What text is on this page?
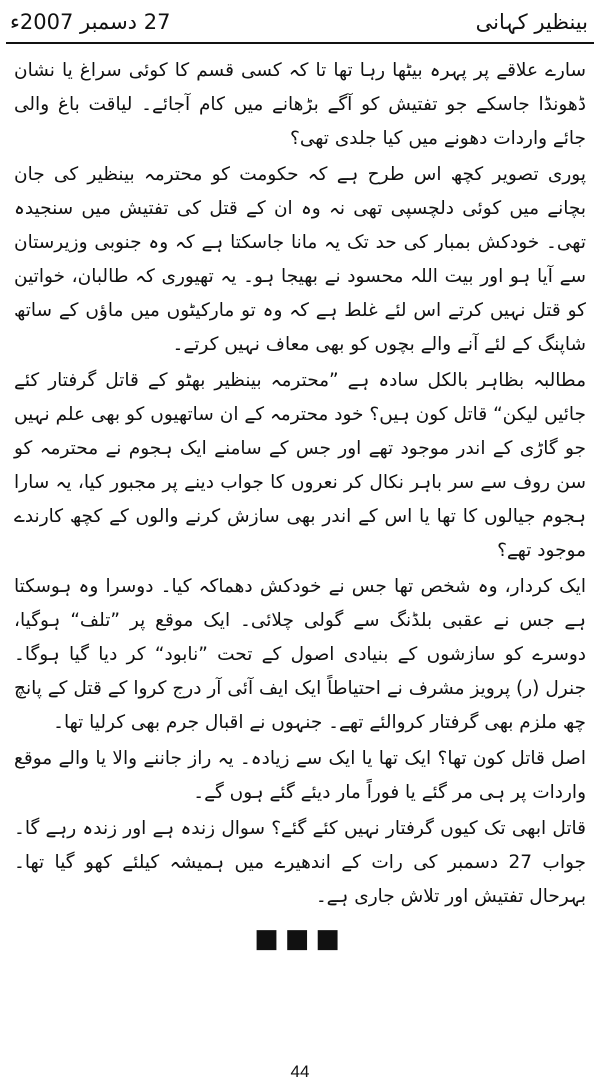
27 دسمبر 2007ء	بینظیر کہانی

سارے علاقے پر پہرہ بیٹھا رہا تھا تا کہ کسی قسم کا کوئی سراغ یا نشان ڈھونڈا جاسکے جو تفتیش کو آگے بڑھانے میں کام آجائے۔ لیاقت باغ والی جائے واردات دھونے میں کیا جلدی تھی؟

پوری تصویر کچھ اس طرح ہے کہ حکومت کو محترمہ بینظیر کی جان بچانے میں کوئی دلچسپی تھی نہ وہ ان کے قتل کی تفتیش میں سنجیدہ تھی۔ خودکش بمبار کی حد تک یہ مانا جاسکتا ہے کہ وہ جنوبی وزیرستان سے آیا ہو اور بیت اللہ محسود نے بھیجا ہو۔ یہ تھیوری کہ طالبان، خواتین کو قتل نہیں کرتے اس لئے غلط ہے کہ وہ تو مارکیٹوں میں ماؤں کے ساتھ شاپنگ کے لئے آنے والے بچوں کو بھی معاف نہیں کرتے۔

مطالبہ بظاہر بالکل سادہ ہے ”محترمہ بینظیر بھٹو کے قاتل گرفتار کئے جائیں لیکن“ قاتل کون ہیں؟ خود محترمہ کے ان ساتھیوں کو بھی علم نہیں جو گاڑی کے اندر موجود تھے اور جس کے سامنے ایک ہجوم نے محترمہ کو سن روف سے سر باہر نکال کر نعروں کا جواب دینے پر مجبور کیا، یہ سارا ہجوم جیالوں کا تھا یا اس کے اندر بھی سازش کرنے والوں کے کچھ کارندے موجود تھے؟

ایک کردار، وہ شخص تھا جس نے خودکش دھماکہ کیا۔ دوسرا وہ ہوسکتا ہے جس نے عقبی بلڈنگ سے گولی چلائی۔ ایک موقع پر ”تلف“ ہوگیا، دوسرے کو سازشوں کے بنیادی اصول کے تحت ”نابود“ کر دیا گیا ہوگا۔ جنرل (ر) پرویز مشرف نے احتیاطاً ایک ایف آئی آر درج کروا کے قتل کے پانچ چھ ملزم بھی گرفتار کروالئے تھے۔ جنہوں نے اقبال جرم بھی کرلیا تھا۔

اصل قاتل کون تھا؟ ایک تھا یا ایک سے زیادہ۔ یہ راز جاننے والا یا والے موقع واردات پر ہی مر گئے یا فوراً مار دیئے گئے ہوں گے۔

قاتل ابھی تک کیوں گرفتار نہیں کئے گئے؟ سوال زندہ ہے اور زندہ رہے گا۔ جواب 27 دسمبر کی رات کے اندھیرے میں ہمیشہ کیلئے کھو گیا تھا۔ بہرحال تفتیش اور تلاش جاری ہے۔

■■■
44
